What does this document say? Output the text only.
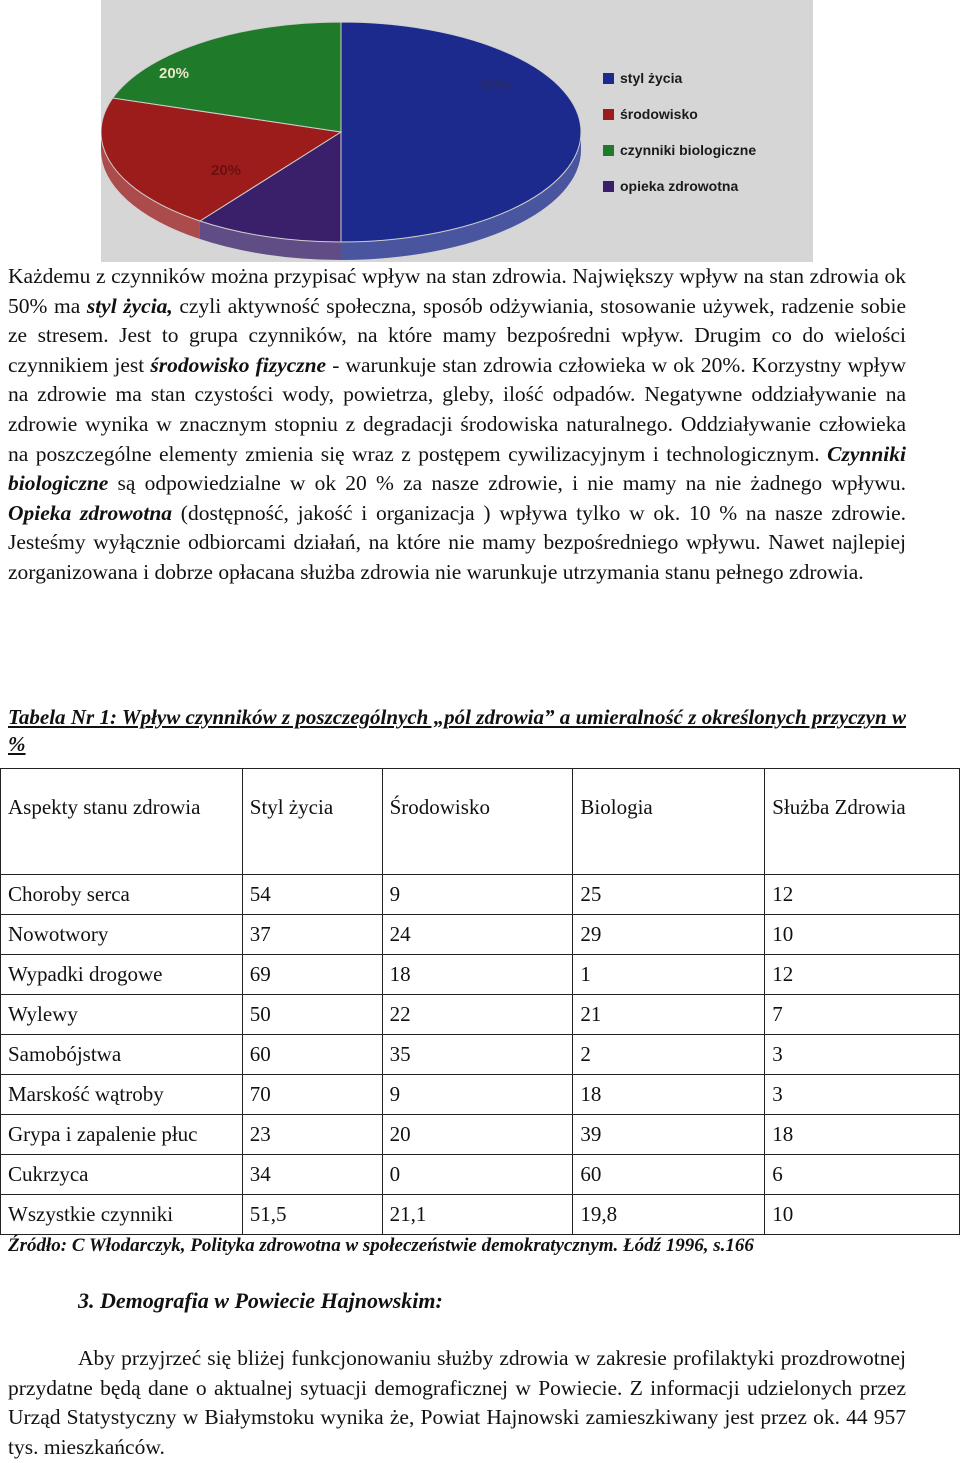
20%
20%
50%	styl życia
środowisko
czynniki biologiczne
opieka zdrowotna

Każdemu z czynników można przypisać wpływ na stan zdrowia. Największy wpływ na stan zdrowia ok 50% ma styl życia, czyli aktywność społeczna, sposób odżywiania, stosowanie używek, radzenie sobie ze stresem. Jest to grupa czynników, na które mamy bezpośredni wpływ. Drugim co do wielości czynnikiem jest środowisko fizyczne - warunkuje stan zdrowia człowieka w ok 20%. Korzystny wpływ na zdrowie ma stan czystości wody, powietrza, gleby, ilość odpadów. Negatywne oddziaływanie na zdrowie wynika w znacznym stopniu z degradacji środowiska naturalnego. Oddziaływanie człowieka na poszczególne elementy zmienia się wraz z postępem cywilizacyjnym i technologicznym. Czynniki biologiczne są odpowiedzialne w ok 20 % za nasze zdrowie, i nie mamy na nie żadnego wpływu. Opieka zdrowotna (dostępność, jakość i organizacja ) wpływa tylko w ok. 10 % na nasze zdrowie. Jesteśmy wyłącznie odbiorcami działań, na które nie mamy bezpośredniego wpływu. Nawet najlepiej zorganizowana i dobrze opłacana służba zdrowia nie warunkuje utrzymania stanu pełnego zdrowia.

Tabela Nr 1: Wpływ czynników z poszczególnych „pól zdrowia” a umieralność z określonych przyczyn w %
Aspekty stanu zdrowia	Styl życia	Środowisko	Biologia	Służba Zdrowia
Choroby serca	54	9	25	12
Nowotwory	37	24	29	10
Wypadki drogowe	69	18	1	12
Wylewy	50	22	21	7
Samobójstwa	60	35	2	3
Marskość wątroby	70	9	18	3
Grypa i zapalenie płuc	23	20	39	18
Cukrzyca	34	0	60	6
Wszystkie czynniki	51,5	21,1	19,8	10
Źródło: C Włodarczyk, Polityka zdrowotna w społeczeństwie demokratycznym. Łódź 1996, s.166
3. Demografia w Powiecie Hajnowskim:

Aby przyjrzeć się bliżej funkcjonowaniu służby zdrowia w zakresie profilaktyki prozdrowotnej przydatne będą dane o aktualnej sytuacji demograficznej w Powiecie. Z informacji udzielonych przez Urząd Statystyczny w Białymstoku wynika że, Powiat Hajnowski zamieszkiwany jest przez ok. 44 957 tys. mieszkańców.
